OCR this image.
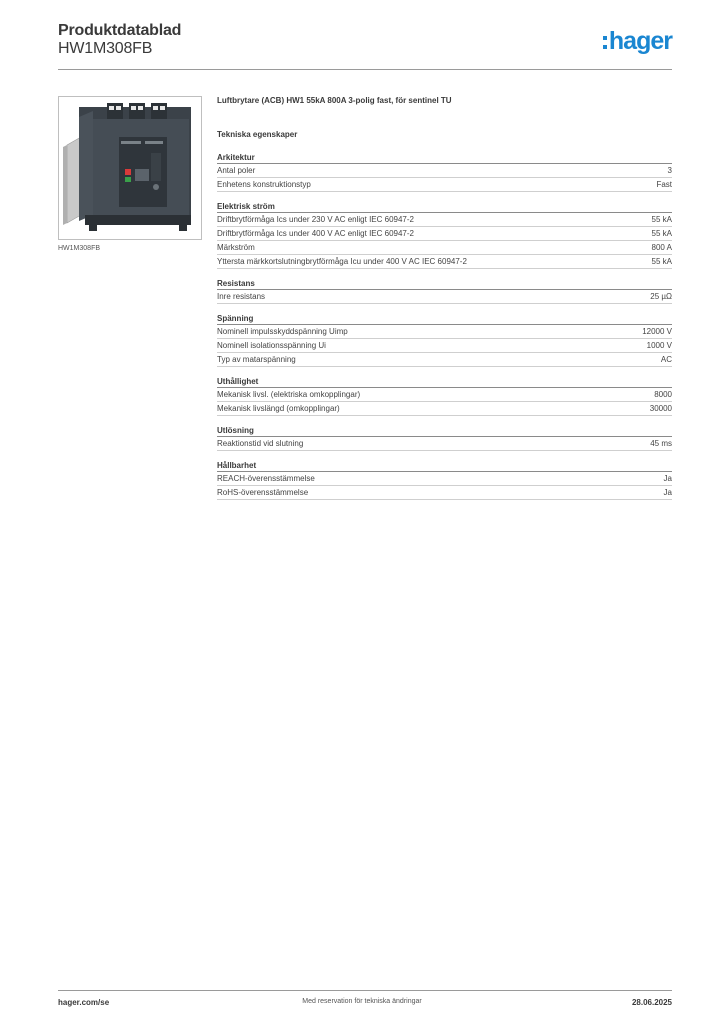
Produktdatablad
HW1M308FB	hager
HW1M308FB
Luftbrytare (ACB) HW1 55kA 800A 3-polig fast, för sentinel TU
Tekniska egenskaper
Arkitektur
Antal poler	3
Enhetens konstruktionstyp	Fast
Elektrisk ström
Driftbrytförmåga Ics under 230 V AC enligt IEC 60947-2	55 kA
Driftbrytförmåga Ics under 400 V AC enligt IEC 60947-2	55 kA
Märkström	800 A
Yttersta märkkortslutningbrytförmåga Icu under 400 V AC IEC 60947-2	55 kA
Resistans
Inre resistans	25 µΩ
Spänning
Nominell impulsskyddspänning Uimp	12000 V
Nominell isolationsspänning Ui	1000 V
Typ av matarspänning	AC
Uthållighet
Mekanisk livsl. (elektriska omkopplingar)	8000
Mekanisk livslängd (omkopplingar)	30000
Utlösning
Reaktionstid vid slutning	45 ms
Hållbarhet
REACH-överensstämmelse	Ja
RoHS-överensstämmelse	Ja
hager.com/se	Med reservation för tekniska ändringar	28.06.2025
